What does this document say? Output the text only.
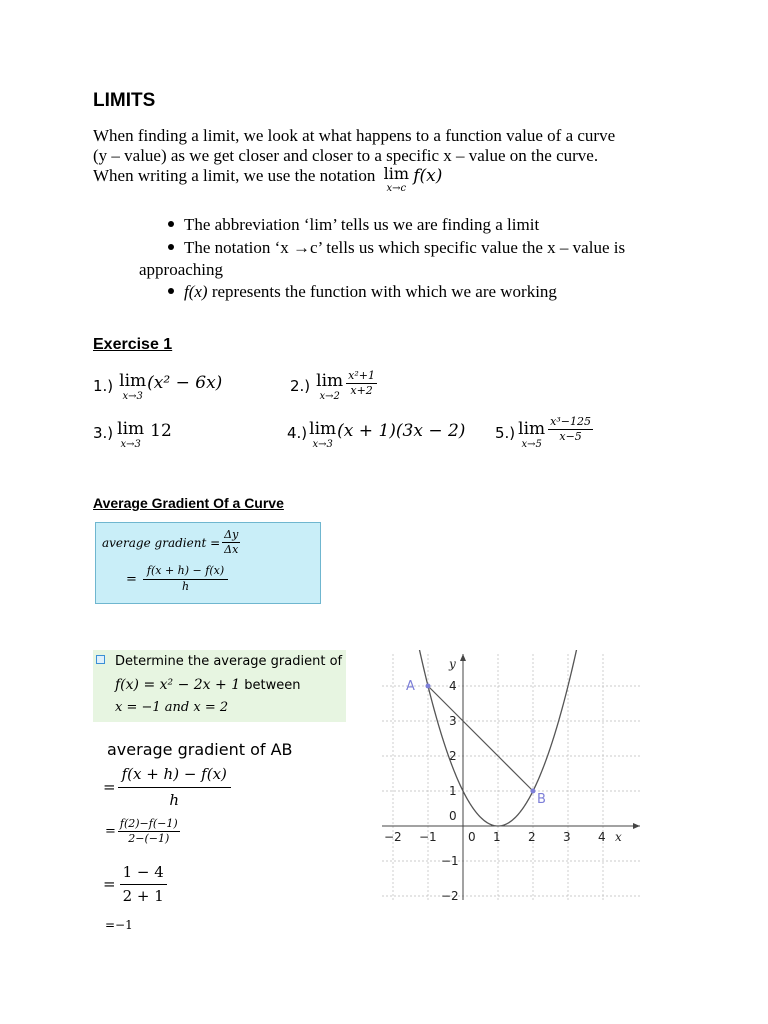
LIMITS
When finding a limit, we look at what happens to a function value of a curve
(y – value) as we get closer and closer to a specific x – value on the curve.
When writing a limit, we use the notation lim
x→c
f(x)
The abbreviation ‘lim’ tells us we are finding a limit
The notation ‘x →c’ tells us which specific value the x – value is
approaching
f(x) represents the function with which we are working
Exercise 1
1.) lim
x→3
(x² − 6x)	2.) lim
$x\to 2 \frac{\text{x²+1}}{x+2}$
3.) lim
x→3
12	4.) lim
x→3
(x + 1)(3x − 2) 5.) lim
x→5
$\frac{\text{x³−125}}{x-5}$
Average Gradient Of a Curve
average gradient = $\frac{\Delta y}{\Delta x}$
= $\frac{f(x + h) - f(x)}{h}$
Determine the average gradient of
f(x) = x² − 2x + 1 between
x = −1 and x = 2
average gradient of AB
= $\frac{f(x + h) - f(x)}{h}$
= $\frac{f(2)-f(-1)}{2-(-1)}$
= $\frac{1 - 4}{2 + 1}$
=−1
−2 −1	0 1 2 3 4 x
4
3
2
1
0
−1
−2
y
A
B
